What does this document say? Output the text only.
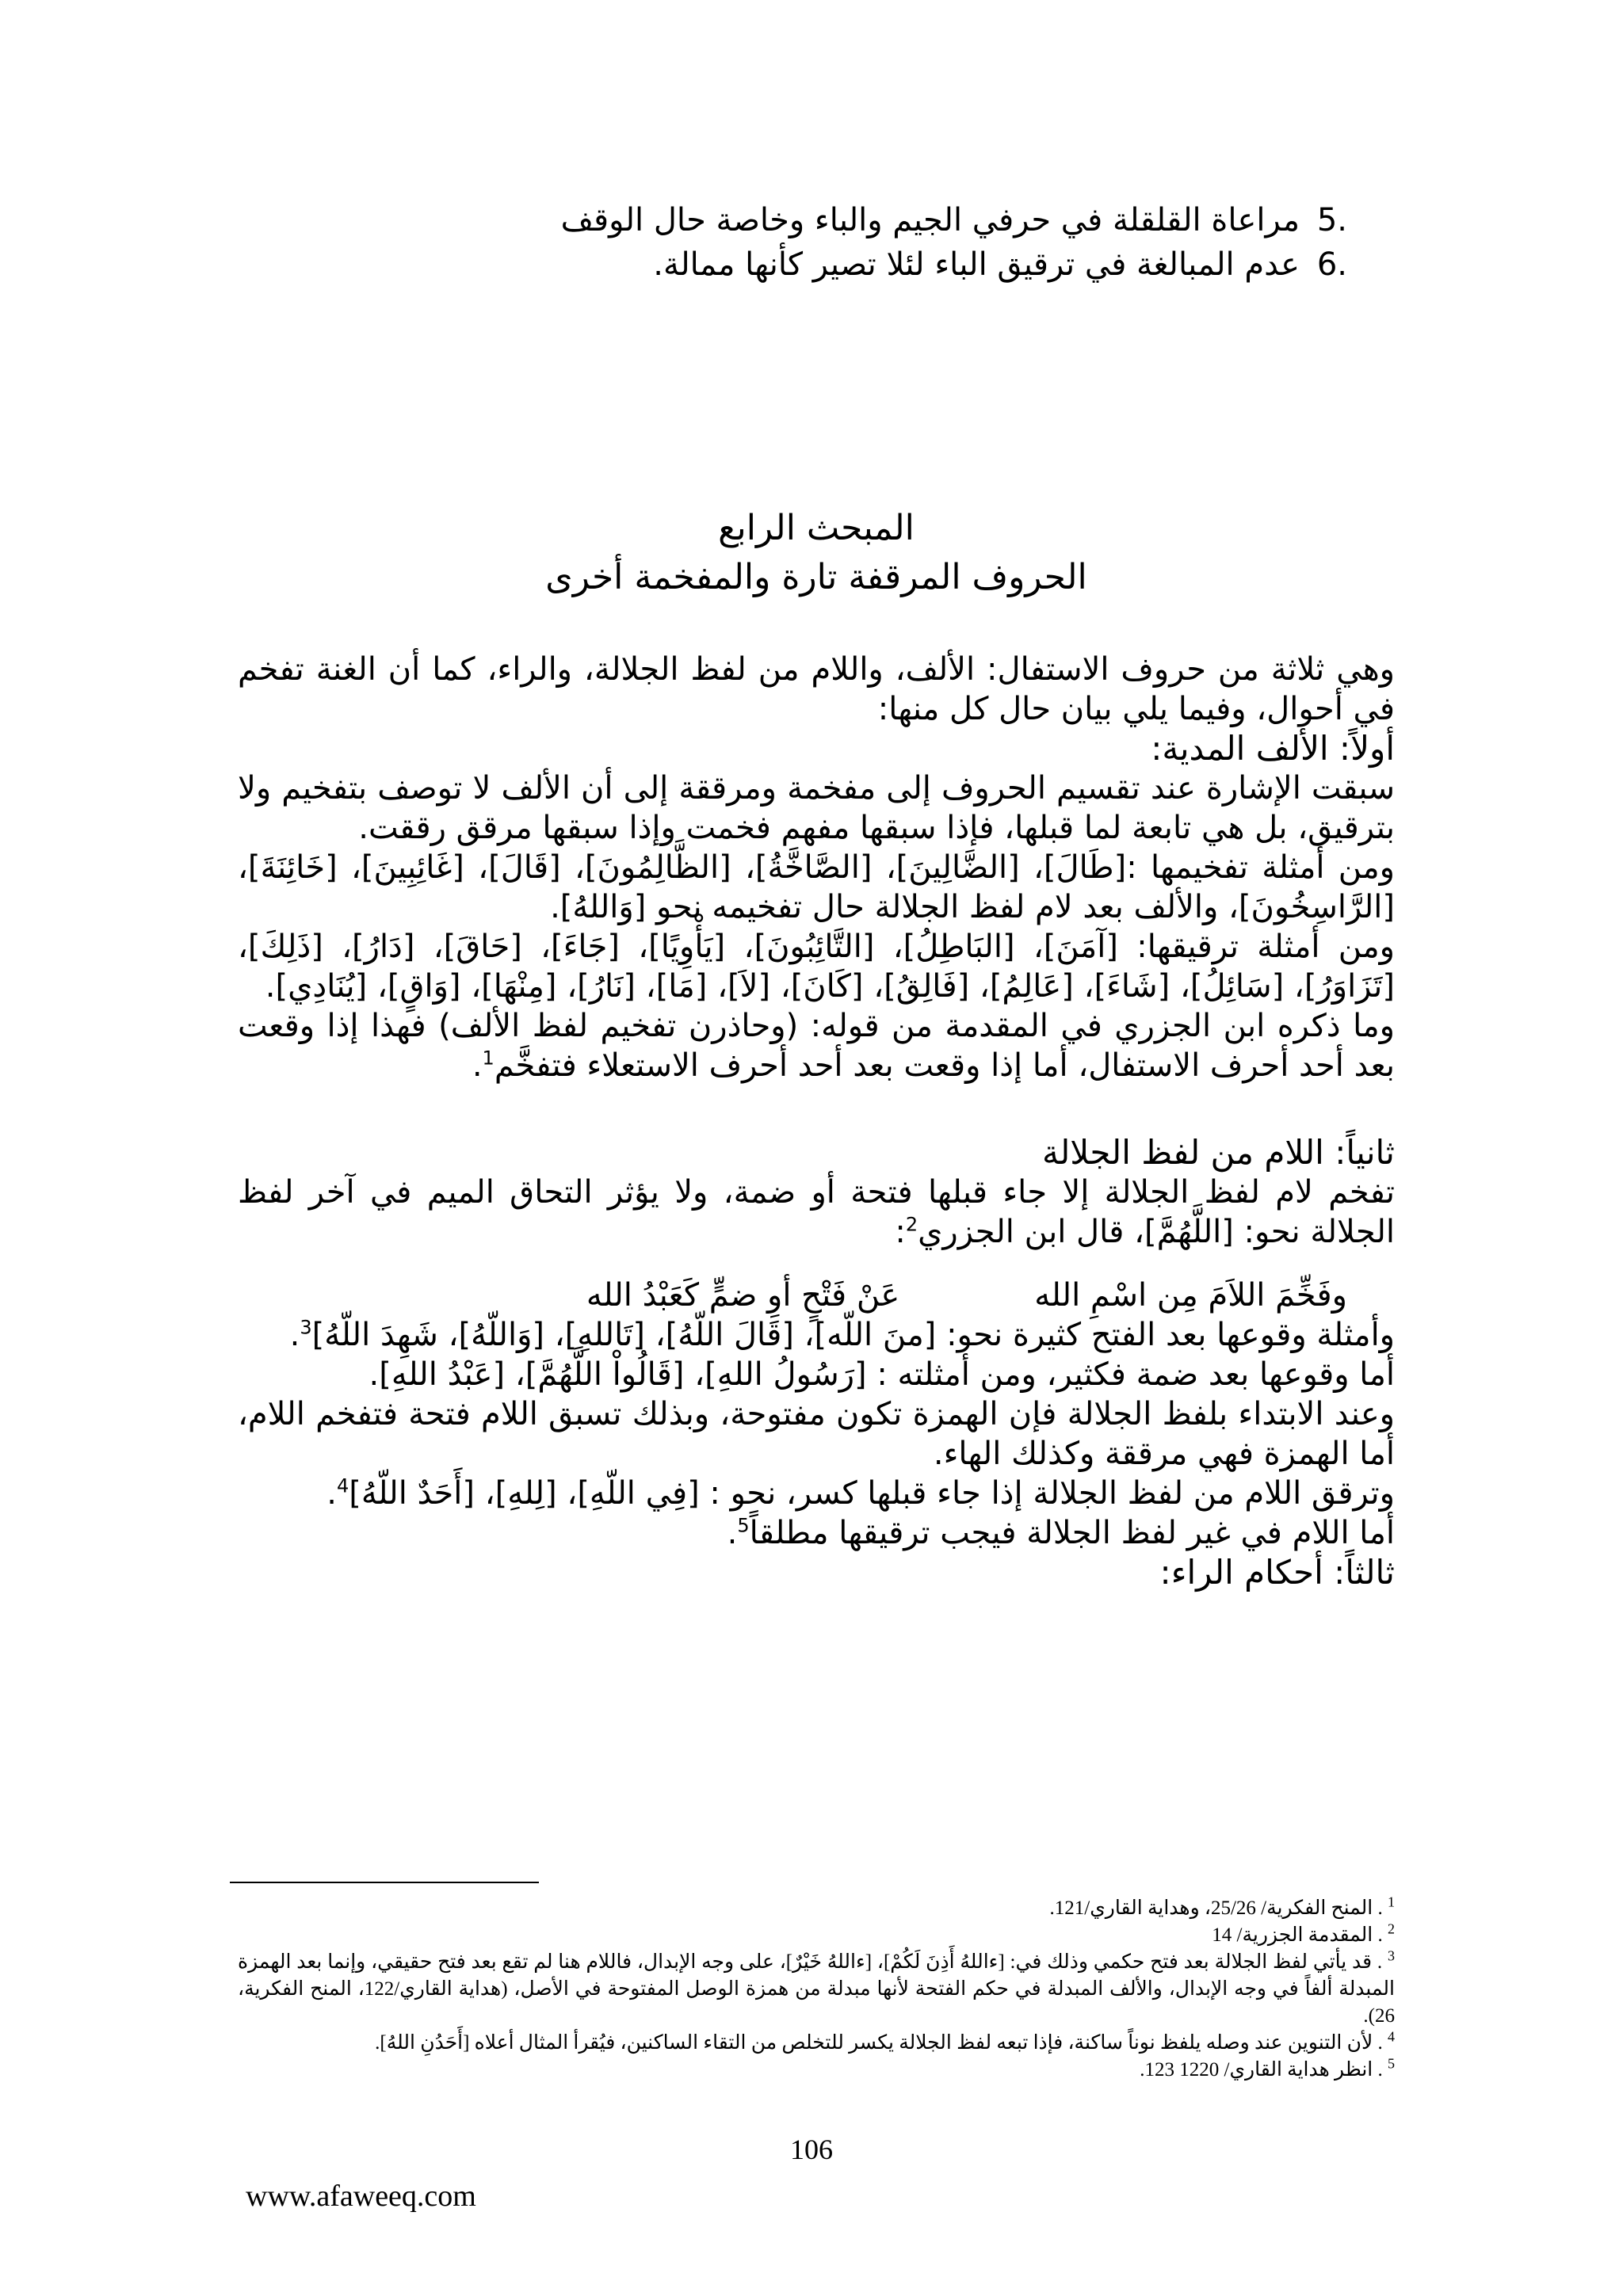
.5
مراعاة القلقلة في حرفي الجيم والباء وخاصة حال الوقف
.6
عدم المبالغة في ترقيق الباء لئلا تصير كأنها ممالة.
المبحث الرابع
الحروف المرقفة تارة والمفخمة أخرى

وهي ثلاثة من حروف الاستفال: الألف، واللام من لفظ الجلالة، والراء، كما أن الغنة تفخم في أحوال، وفيما يلي بيان حال كل منها:

أولاً: الألف المدية:

سبقت الإشارة عند تقسيم الحروف إلى مفخمة ومرققة إلى أن الألف لا توصف بتفخيم ولا بترقيق، بل هي تابعة لما قبلها، فإذا سبقها مفهم فخمت وإذا سبقها مرقق رققت.

ومن أمثلة تفخيمها :[طَالَ]، [الضَّالِينَ]، [الصَّاخَّةُ]، [الظَّالِمُونَ]، [قَالَ]، [غَائِبِينَ]، [خَائِنَةَ]، [الرَّاسِخُونَ]، والألف بعد لام لفظ الجلالة حال تفخيمه نحو [وَاللهُ].

ومن أمثلة ترقيقها: [آمَنَ]، [البَاطِلُ]، [التَّائِبُونَ]، [يَأْوِيًا]، [جَاءَ]، [حَاقَ]، [دَارُ]، [ذَلِكَ]، [تَزَاوَرُ]، [سَائِلُ]، [شَاءَ]، [عَالِمُ]، [فَالِقُ]، [كَانَ]، [لاَ]، [مَا]، [نَارُ]، [مِنْهَا]، [وَاقٍ]، [يُنَادِي].

وما ذكره ابن الجزري في المقدمة من قوله: (وحاذرن تفخيم لفظ الألف) فهذا إذا وقعت بعد أحد أحرف الاستفال، أما إذا وقعت بعد أحد أحرف الاستعلاء فتفخَّم$^1$.

ثانياً: اللام من لفظ الجلالة

تفخم لام لفظ الجلالة إلا جاء قبلها فتحة أو ضمة، ولا يؤثر التحاق الميم في آخر لفظ الجلالة نحو: [اللَّهُمَّ]، قال ابن الجزري$^2$:

وفَخِّمَ اللاَمَ مِن اسْمِ اللهعَنْ فَتْحٍ أوِ ضمٍّ كَعَبْدُ الله

وأمثلة وقوعها بعد الفتح كثيرة نحو: [منَ اللّه]، [قَالَ اللّهُ]، [تَاللهِ]، [وَاللّهُ]، شَهِدَ اللّهُ]$^3$.

أما وقوعها بعد ضمة فكثير، ومن أمثلته : [رَسُولُ اللهِ]، [قَالُواْ اللَّهُمَّ]، [عَبْدُ اللهِ].

وعند الابتداء بلفظ الجلالة فإن الهمزة تكون مفتوحة، وبذلك تسبق اللام فتحة فتفخم اللام، أما الهمزة فهي مرققة وكذلك الهاء.

وترقق اللام من لفظ الجلالة إذا جاء قبلها كسر، نحو : [فِي اللّهِ]، [لِلهِ]، [أَحَدٌ اللّهُ]$^4$.

أما اللام في غير لفظ الجلالة فيجب ترقيقها مطلقاً$^5$.

ثالثاً: أحكام الراء:

$^1$ . المنح الفكرية/ 25/26، وهداية القاري/121.

$^2$ . المقدمة الجزرية/ 14

$^3$ . قد يأتي لفظ الجلالة بعد فتح حكمي وذلك في: [ءاللهُ أَذِنَ لَكُمْ]، [ءاللهُ خَيْرٌ]، على وجه الإبدال، فاللام هنا لم تقع بعد فتح حقيقي، وإنما بعد الهمزة المبدلة ألفاً في وجه الإبدال، والألف المبدلة في حكم الفتحة لأنها مبدلة من همزة الوصل المفتوحة في الأصل، (هداية القاري/122، المنح الفكرية، 26).

$^4$ . لأن التنوين عند وصله يلفظ نوناً ساكنة، فإذا تبعه لفظ الجلالة يكسر للتخلص من التقاء الساكنين، فيُقرأ المثال أعلاه [أَحَدُنِ اللهُ].

$^5$ . انظر هداية القاري/ 1220 123.

106
www.afaweeq.com
